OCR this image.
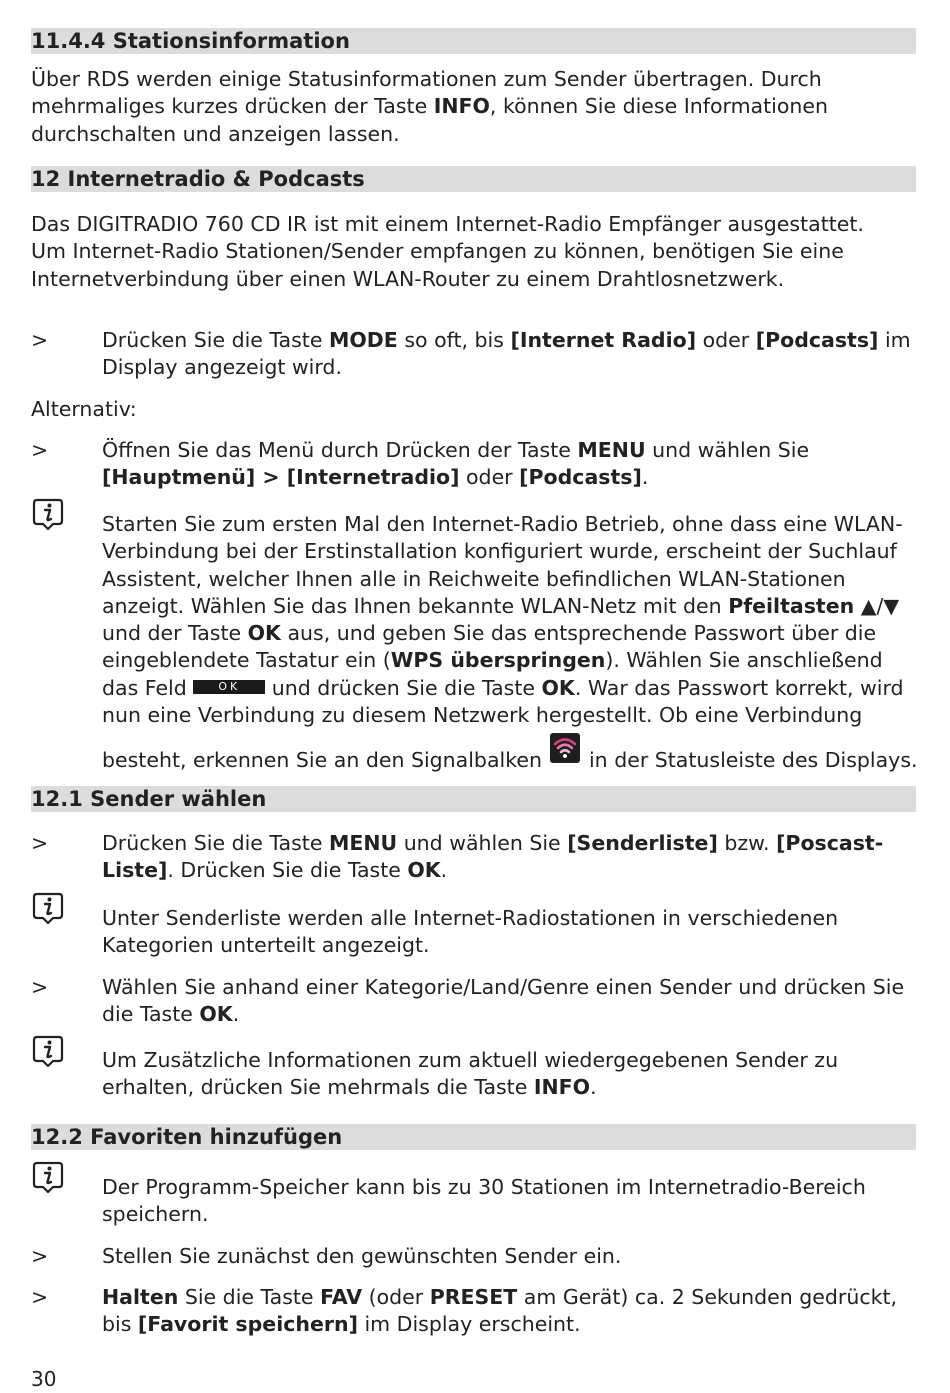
11.4.4 Stationsinformation
Über RDS werden einige Statusinformationen zum Sender übertragen. Durch
mehrmaliges kurzes drücken der Taste INFO, können Sie diese Informationen
durchschalten und anzeigen lassen.
12 Internetradio & Podcasts
Das DIGITRADIO 760 CD IR ist mit einem Internet-Radio Empfänger ausgestattet.
Um Internet-Radio Stationen/Sender empfangen zu können, benötigen Sie eine
Internetverbindung über einen WLAN-Router zu einem Drahtlosnetzwerk.
>	Drücken Sie die Taste MODE so oft, bis [Internet Radio] oder [Podcasts] im
Display angezeigt wird.
Alternativ:
>	Öffnen Sie das Menü durch Drücken der Taste MENU und wählen Sie
[Hauptmenü] > [Internetradio] oder [Podcasts].
Starten Sie zum ersten Mal den Internet-Radio Betrieb, ohne dass eine WLAN-
Verbindung bei der Erstinstallation konfiguriert wurde, erscheint der Suchlauf
Assistent, welcher Ihnen alle in Reichweite befindlichen WLAN-Stationen
anzeigt. Wählen Sie das Ihnen bekannte WLAN-Netz mit den Pfeiltasten ▲/▼
und der Taste OK aus, und geben Sie das entsprechende Passwort über die
eingeblendete Tastatur ein (WPS überspringen). Wählen Sie anschließend
das Feld OK und drücken Sie die Taste OK. War das Passwort korrekt, wird
nun eine Verbindung zu diesem Netzwerk hergestellt. Ob eine Verbindung
besteht, erkennen Sie an den Signalbalken  in der Statusleiste des Displays.
12.1 Sender wählen
>	Drücken Sie die Taste MENU und wählen Sie [Senderliste] bzw. [Poscast-
Liste]. Drücken Sie die Taste OK.
Unter Senderliste werden alle Internet-Radiostationen in verschiedenen
Kategorien unterteilt angezeigt.
>	Wählen Sie anhand einer Kategorie/Land/Genre einen Sender und drücken Sie
die Taste OK.
Um Zusätzliche Informationen zum aktuell wiedergegebenen Sender zu
erhalten, drücken Sie mehrmals die Taste INFO.
12.2 Favoriten hinzufügen
Der Programm-Speicher kann bis zu 30 Stationen im Internetradio-Bereich
speichern.
>	Stellen Sie zunächst den gewünschten Sender ein.
>	Halten Sie die Taste FAV (oder PRESET am Gerät) ca. 2 Sekunden gedrückt,
bis [Favorit speichern] im Display erscheint.
30
